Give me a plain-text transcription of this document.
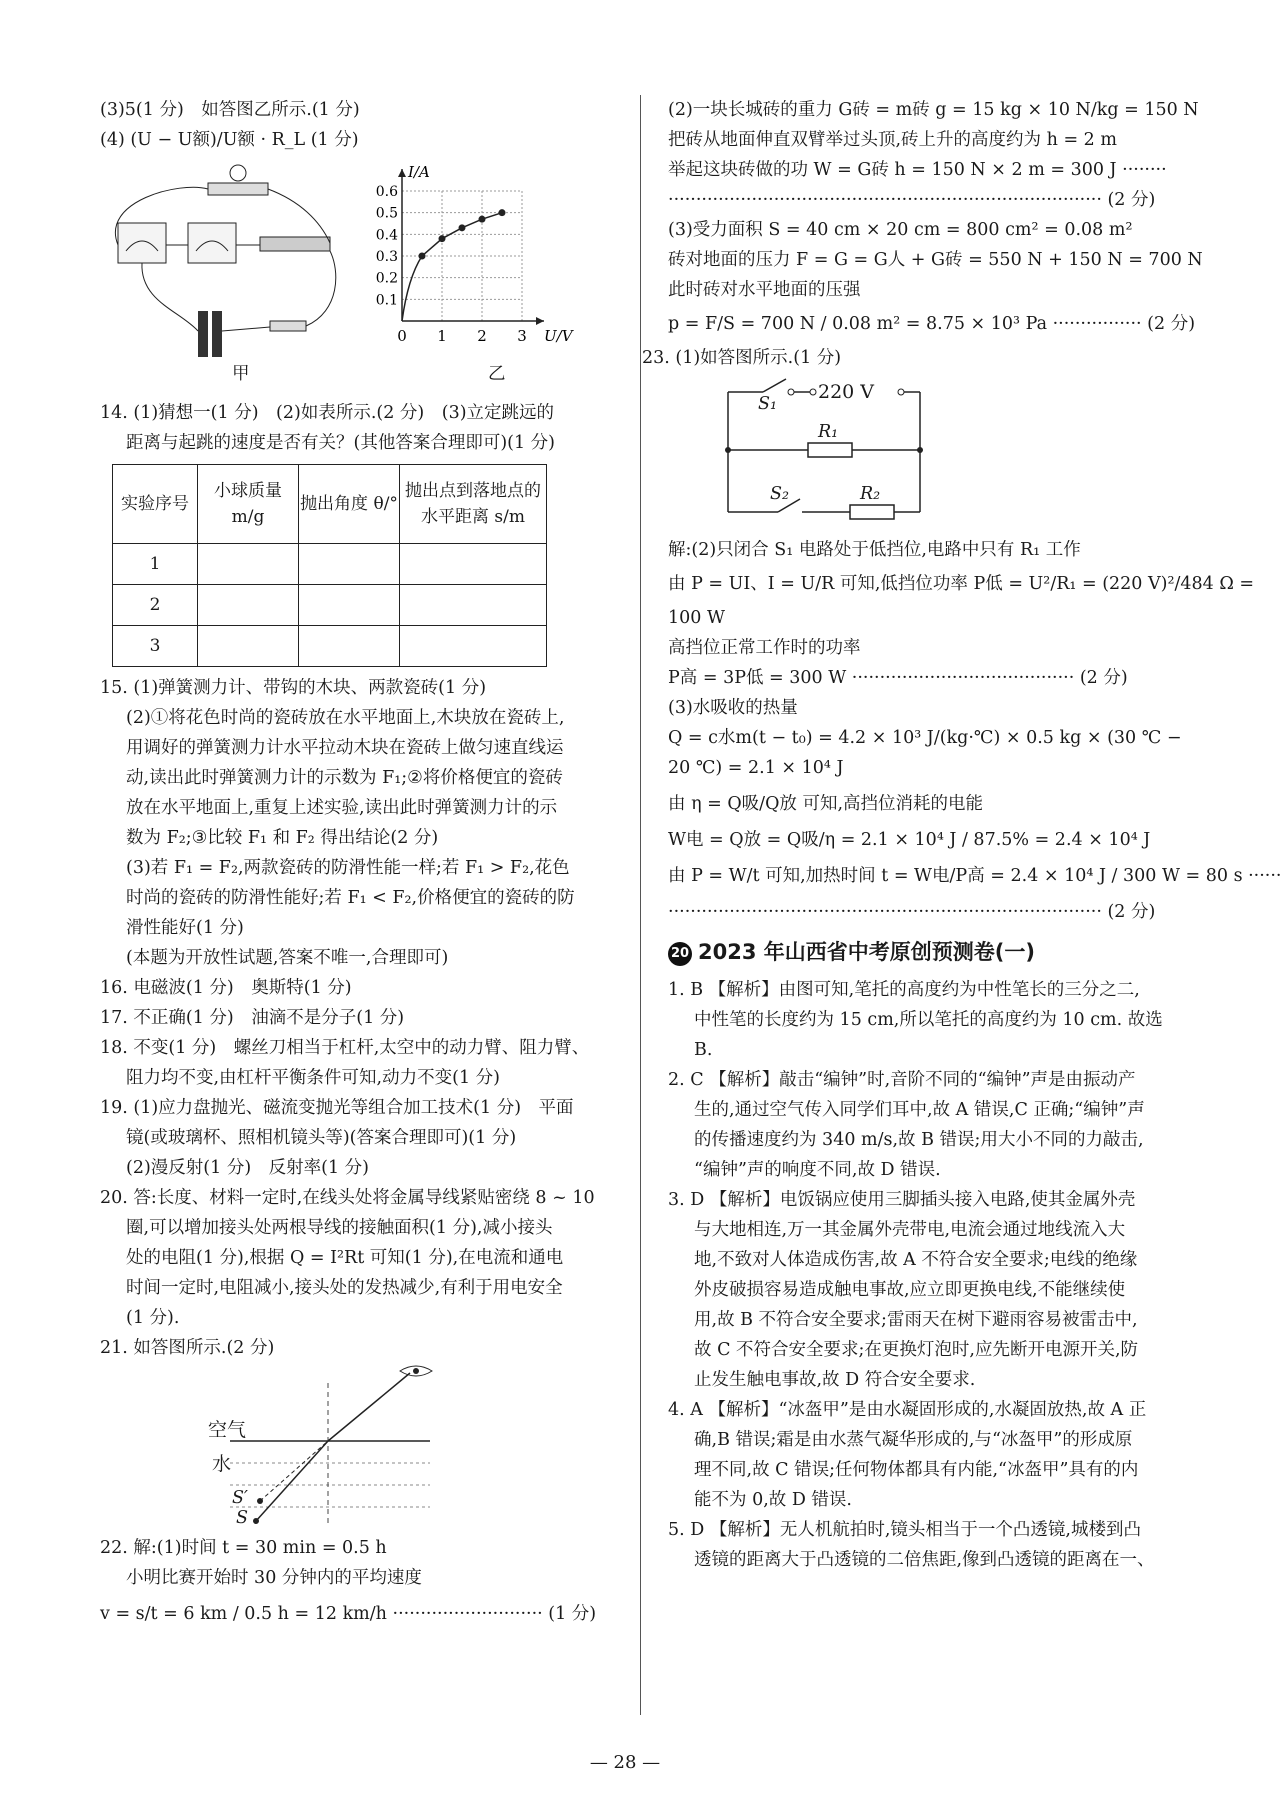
(3)5(1 分)　如答图乙所示.(1 分)
(4) (U − U额)/U额 · R_L (1 分)
甲
0 1 2 3
0.1
0.2
0.3
0.4
0.5
0.6
U/V
I/A
乙
14. (1)猜想一(1 分)　(2)如表所示.(2 分)　(3)立定跳远的
距离与起跳的速度是否有关？(其他答案合理即可)(1 分)
实验序号	小球质量 m/g	抛出角度 θ/°	抛出点到落地点的水平距离 s/m
1			
2			
3			
15. (1)弹簧测力计、带钩的木块、两款瓷砖(1 分)
(2)①将花色时尚的瓷砖放在水平地面上,木块放在瓷砖上,
用调好的弹簧测力计水平拉动木块在瓷砖上做匀速直线运
动,读出此时弹簧测力计的示数为 F₁;②将价格便宜的瓷砖
放在水平地面上,重复上述实验,读出此时弹簧测力计的示
数为 F₂;③比较 F₁ 和 F₂ 得出结论(2 分)
(3)若 F₁ = F₂,两款瓷砖的防滑性能一样;若 F₁ > F₂,花色
时尚的瓷砖的防滑性能好;若 F₁ < F₂,价格便宜的瓷砖的防
滑性能好(1 分)
(本题为开放性试题,答案不唯一,合理即可)
16. 电磁波(1 分)　奥斯特(1 分)
17. 不正确(1 分)　油滴不是分子(1 分)
18. 不变(1 分)　螺丝刀相当于杠杆,太空中的动力臂、阻力臂、
阻力均不变,由杠杆平衡条件可知,动力不变(1 分)
19. (1)应力盘抛光、磁流变抛光等组合加工技术(1 分)　平面
镜(或玻璃杯、照相机镜头等)(答案合理即可)(1 分)
(2)漫反射(1 分)　反射率(1 分)
20. 答:长度、材料一定时,在线头处将金属导线紧贴密绕 8 ~ 10
圈,可以增加接头处两根导线的接触面积(1 分),减小接头
处的电阻(1 分),根据 Q = I²Rt 可知(1 分),在电流和通电
时间一定时,电阻减小,接头处的发热减少,有利于用电安全
(1 分).
21. 如答图所示.(2 分)
空气
水
S′
S
22. 解:(1)时间 t = 30 min = 0.5 h
小明比赛开始时 30 分钟内的平均速度
v = s/t = 6 km / 0.5 h = 12 km/h ··························· (1 分)
(2)一块长城砖的重力 G砖 = m砖 g = 15 kg × 10 N/kg = 150 N
把砖从地面伸直双臂举过头顶,砖上升的高度约为 h = 2 m
举起这块砖做的功 W = G砖 h = 150 N × 2 m = 300 J ········
·············································································· (2 分)
(3)受力面积 S = 40 cm × 20 cm = 800 cm² = 0.08 m²
砖对地面的压力 F = G = G人 + G砖 = 550 N + 150 N = 700 N
此时砖对水平地面的压强
p = F/S = 700 N / 0.08 m² = 8.75 × 10³ Pa ················ (2 分)
23. (1)如答图所示.(1 分)
220 V
S₁
R₁
S₂	R₂
解:(2)只闭合 S₁ 电路处于低挡位,电路中只有 R₁ 工作
由 P = UI、I = U/R 可知,低挡位功率 P低 = U²/R₁ = (220 V)²/484 Ω =
100 W
高挡位正常工作时的功率
P高 = 3P低 = 300 W ········································ (2 分)
(3)水吸收的热量
Q = c水m(t − t₀) = 4.2 × 10³ J/(kg·℃) × 0.5 kg × (30 ℃ −
20 ℃) = 2.1 × 10⁴ J
由 η = Q吸/Q放 可知,高挡位消耗的电能
W电 = Q放 = Q吸/η = 2.1 × 10⁴ J / 87.5% = 2.4 × 10⁴ J
由 P = W/t 可知,加热时间 t = W电/P高 = 2.4 × 10⁴ J / 300 W = 80 s ······
·············································································· (2 分)
20 2023 年山西省中考原创预测卷(一)
1. B 【解析】由图可知,笔托的高度约为中性笔长的三分之二,
中性笔的长度约为 15 cm,所以笔托的高度约为 10 cm. 故选
B.
2. C 【解析】敲击“编钟”时,音阶不同的“编钟”声是由振动产
生的,通过空气传入同学们耳中,故 A 错误,C 正确;“编钟”声
的传播速度约为 340 m/s,故 B 错误;用大小不同的力敲击,
“编钟”声的响度不同,故 D 错误.
3. D 【解析】电饭锅应使用三脚插头接入电路,使其金属外壳
与大地相连,万一其金属外壳带电,电流会通过地线流入大
地,不致对人体造成伤害,故 A 不符合安全要求;电线的绝缘
外皮破损容易造成触电事故,应立即更换电线,不能继续使
用,故 B 不符合安全要求;雷雨天在树下避雨容易被雷击中,
故 C 不符合安全要求;在更换灯泡时,应先断开电源开关,防
止发生触电事故,故 D 符合安全要求.
4. A 【解析】“冰盔甲”是由水凝固形成的,水凝固放热,故 A 正
确,B 错误;霜是由水蒸气凝华形成的,与“冰盔甲”的形成原
理不同,故 C 错误;任何物体都具有内能,“冰盔甲”具有的内
能不为 0,故 D 错误.
5. D 【解析】无人机航拍时,镜头相当于一个凸透镜,城楼到凸
透镜的距离大于凸透镜的二倍焦距,像到凸透镜的距离在一、
— 28 —
